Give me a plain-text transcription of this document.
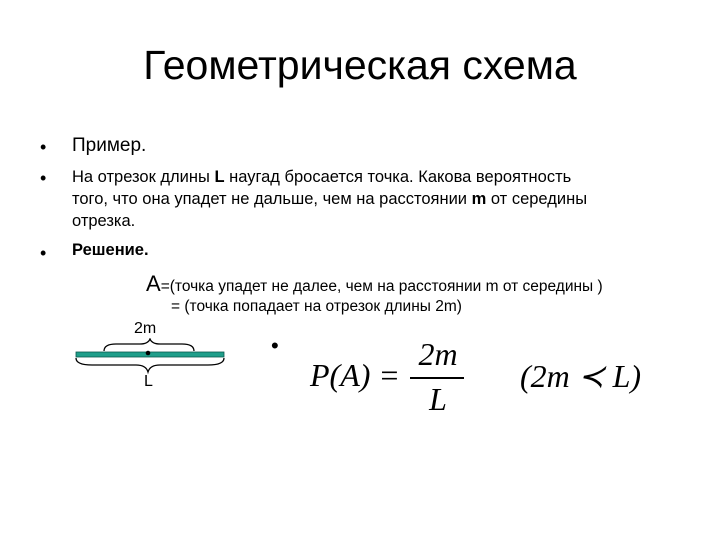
Геометрическая схема
• Пример.
• На отрезок длины L наугад бросается точка. Какова вероятность того, что она упадет не дальше, чем на расстоянии m от середины отрезка.
• Решение.
A=(точка упадет не далее, чем на расстоянии m от середины )
= (точка попадает на отрезок длины 2m)
2m
L
•
P(A) =
2m
L
(2m ≺ L)
